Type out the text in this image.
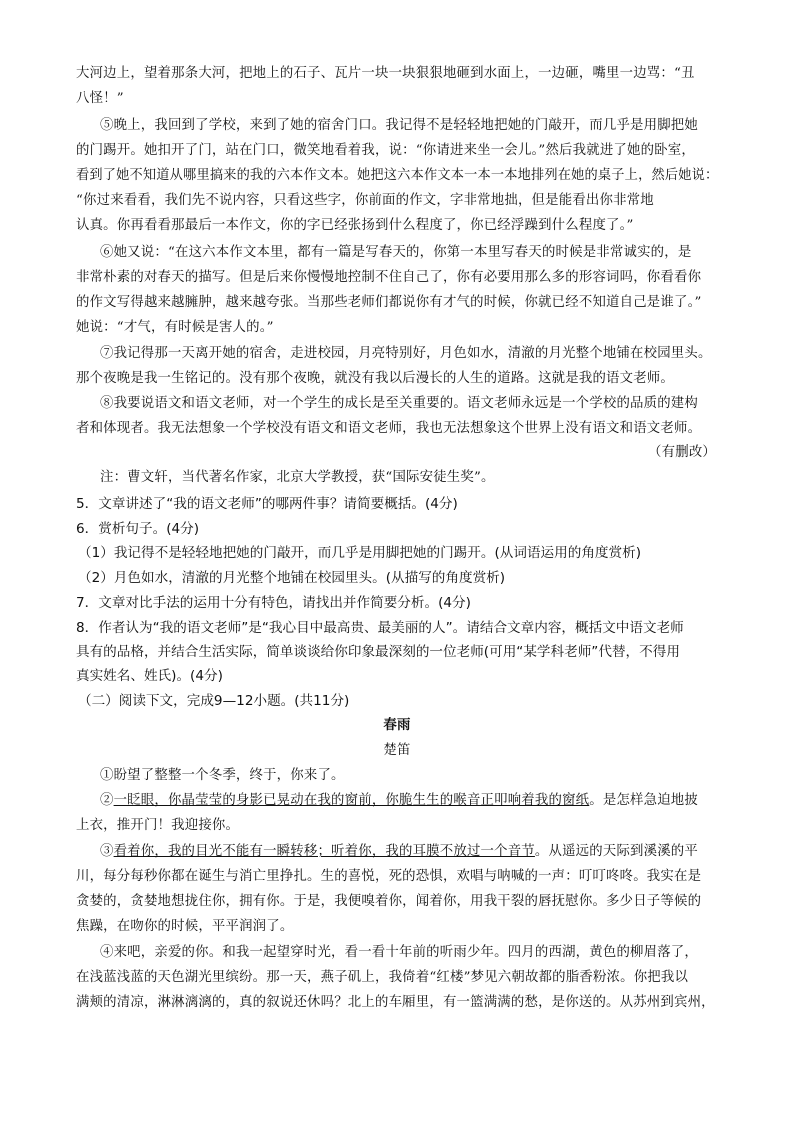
大河边上，望着那条大河，把地上的石子、瓦片一块一块狠狠地砸到水面上，一边砸，嘴里一边骂：“丑
八怪！”
⑤晚上，我回到了学校，来到了她的宿舍门口。我记得不是轻轻地把她的门敲开，而几乎是用脚把她
的门踢开。她扣开了门，站在门口，微笑地看着我，说：“你请进来坐一会儿。”然后我就进了她的卧室，
看到了她不知道从哪里搞来的我的六本作文本。她把这六本作文本一本一本地排列在她的桌子上，然后她说：
“你过来看看，我们先不说内容，只看这些字，你前面的作文，字非常地拙，但是能看出你非常地
认真。你再看看那最后一本作文，你的字已经张扬到什么程度了，你已经浮躁到什么程度了。”
⑥她又说：“在这六本作文本里，都有一篇是写春天的，你第一本里写春天的时候是非常诚实的，是
非常朴素的对春天的描写。但是后来你慢慢地控制不住自己了，你有必要用那么多的形容词吗，你看看你
的作文写得越来越臃肿，越来越夸张。当那些老师们都说你有才气的时候，你就已经不知道自己是谁了。”
她说：“才气，有时候是害人的。”
⑦我记得那一天离开她的宿舍，走进校园，月亮特别好，月色如水，清澈的月光整个地铺在校园里头。
那个夜晚是我一生铭记的。没有那个夜晚，就没有我以后漫长的人生的道路。这就是我的语文老师。
⑧我要说语文和语文老师，对一个学生的成长是至关重要的。语文老师永远是一个学校的品质的建构
者和体现者。我无法想象一个学校没有语文和语文老师，我也无法想象这个世界上没有语文和语文老师。
（有删改）
注：曹文轩，当代著名作家，北京大学教授，获“国际安徒生奖”。
5．文章讲述了“我的语文老师”的哪两件事？请简要概括。(4分)
6．赏析句子。(4分)
（1）我记得不是轻轻地把她的门敲开，而几乎是用脚把她的门踢开。(从词语运用的角度赏析)
（2）月色如水，清澈的月光整个地铺在校园里头。(从描写的角度赏析)
7．文章对比手法的运用十分有特色，请找出并作简要分析。(4分)
8．作者认为“我的语文老师”是“我心目中最高贵、最美丽的人”。请结合文章内容，概括文中语文老师
具有的品格，并结合生活实际，简单谈谈给你印象最深刻的一位老师(可用“某学科老师”代替，不得用
真实姓名、姓氏)。(4分)
（二）阅读下文，完成9—12小题。(共11分)
春雨
楚笛
①盼望了整整一个冬季，终于，你来了。
②一眨眼，你晶莹莹的身影已晃动在我的窗前，你脆生生的喉音正叩响着我的窗纸。是怎样急迫地披
上衣，推开门！我迎接你。
③看着你，我的目光不能有一瞬转移；听着你，我的耳膜不放过一个音节。从遥远的天际到溪溪的平
川，每分每秒你都在诞生与消亡里挣扎。生的喜悦，死的恐惧，欢唱与呐喊的一声：叮叮咚咚。我实在是
贪婪的，贪婪地想拢住你，拥有你。于是，我便嗅着你，闻着你，用我干裂的唇抚慰你。多少日子等候的
焦躁，在吻你的时候，平平润润了。
④来吧，亲爱的你。和我一起望穿时光，看一看十年前的听雨少年。四月的西湖，黄色的柳眉落了，
在浅蓝浅蓝的天色湖光里缤纷。那一天，燕子矶上，我倚着“红楼”梦见六朝故都的脂香粉浓。你把我以
满颊的清凉，淋淋漓漓的，真的叙说还休吗？北上的车厢里，有一篮满满的愁，是你送的。从苏州到宾州，
